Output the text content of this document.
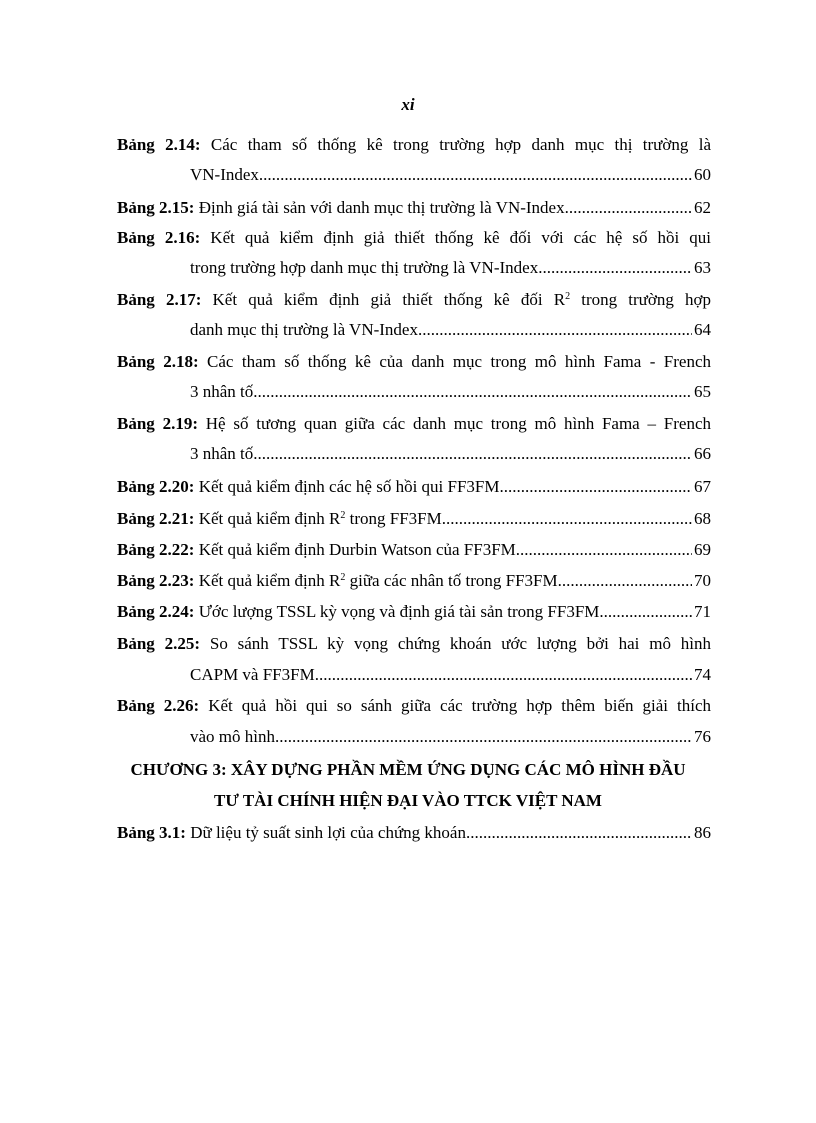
xi
Bảng 2.14: Các tham số thống kê trong trường hợp danh mục thị trường là
VN-Index .....	60
Bảng 2.15: Định giá tài sản với danh mục thị trường là VN-Index .....	62
Bảng 2.16: Kết quả kiểm định giả thiết thống kê đối với các hệ số hồi qui
trong trường hợp danh mục thị trường là VN-Index .....	63
Bảng 2.17: Kết quả kiểm định giả thiết thống kê đối $R^2$ trong trường hợp
danh mục thị trường là VN-Index .....	64
Bảng 2.18: Các tham số thống kê của danh mục trong mô hình Fama - French
3 nhân tố .....	65
Bảng 2.19: Hệ số tương quan giữa các danh mục trong mô hình Fama – French
3 nhân tố .....	66
Bảng 2.20: Kết quả kiểm định các hệ số hồi qui FF3FM .....	67
Bảng 2.21: Kết quả kiểm định $R^2$ trong FF3FM .....	68
Bảng 2.22: Kết quả kiểm định Durbin Watson của FF3FM .....	69
Bảng 2.23: Kết quả kiểm định $R^2$ giữa các nhân tố trong FF3FM .....	70
Bảng 2.24: Ước lượng TSSL kỳ vọng và định giá tài sản trong FF3FM .....	71
Bảng 2.25: So sánh TSSL kỳ vọng chứng khoán ước lượng bởi hai mô hình
CAPM và FF3FM .....	74
Bảng 2.26: Kết quả hồi qui so sánh giữa các trường hợp thêm biến giải thích
vào mô hình .....	76
CHƯƠNG 3: XÂY DỰNG PHẦN MỀM ỨNG DỤNG CÁC MÔ HÌNH ĐẦU
TƯ TÀI CHÍNH HIỆN ĐẠI VÀO TTCK VIỆT NAM
Bảng 3.1: Dữ liệu tỷ suất sinh lợi của chứng khoán .....	86
